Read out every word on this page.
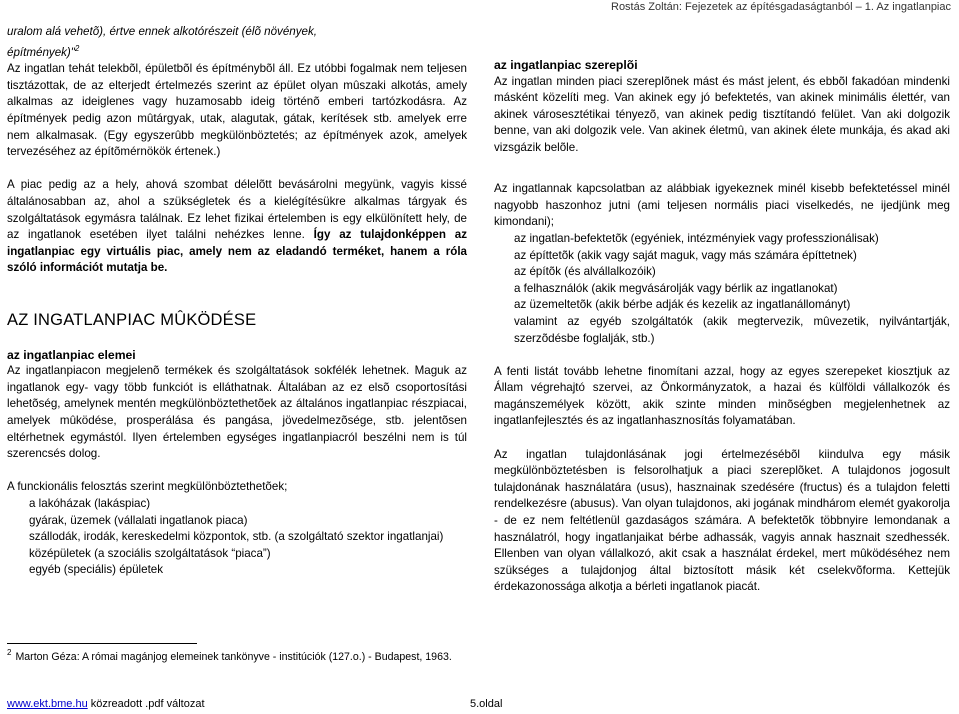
Rostás Zoltán: Fejezetek az építésgadaságtanból – 1. Az ingatlanpiac

uralom alá vehetõ), értve ennek alkotórészeit (élõ növények,

építmények)"$^2$

Az ingatlan tehát telekbõl, épületbõl és építménybõl áll. Ez utóbbi fogalmak nem teljesen tisztázottak, de az elterjedt értelmezés szerint az épület olyan mûszaki alkotás, amely alkalmas az ideiglenes vagy huzamosabb ideig történõ emberi tartózkodásra. Az építmények pedig azon mûtárgyak, utak, alagutak, gátak, kerítések stb. amelyek erre nem alkalmasak. (Egy egyszerûbb megkülönböztetés; az építmények azok, amelyek tervezéséhez az építõmérnökök értenek.)

A piac pedig az a hely, ahová szombat délelõtt bevásárolni megyünk, vagyis kissé általánosabban az, ahol a szükségletek és a kielégítésükre alkalmas tárgyak és szolgáltatások egymásra találnak. Ez lehet fizikai értelemben is egy elkülönített hely, de az ingatlanok esetében ilyet találni nehézkes lenne. Így az tulajdonképpen az ingatlanpiac egy virtuális piac, amely nem az eladandó terméket, hanem a róla szóló információt mutatja be.

AZ INGATLANPIAC MÛKÖDÉSE
az ingatlanpiac elemei

Az ingatlanpiacon megjelenõ termékek és szolgáltatások sokfélék lehetnek. Maguk az ingatlanok egy- vagy több funkciót is elláthatnak. Általában az ez elsõ csoportosítási lehetõség, amelynek mentén megkülönböztethetõek az általános ingatlanpiac részpiacai, amelyek mûködése, prosperálása és pangása, jövedelmezõsége, stb. jelentõsen eltérhetnek egymástól. Ilyen értelemben egységes ingatlanpiacról beszélni nem is túl szerencsés dolog.

A funckionális felosztás szerint megkülönböztethetõek;

a lakóházak (lakáspiac)

gyárak, üzemek (vállalati ingatlanok piaca)

szállodák, irodák, kereskedelmi központok, stb. (a szolgáltató szektor ingatlanjai)

középületek (a szociális szolgáltatások “piaca”)

egyéb (speciális) épületek

az ingatlanpiac szereplõi

Az ingatlan minden piaci szereplõnek mást és mást jelent, és ebbõl fakadóan mindenki másként közelíti meg. Van akinek egy jó befektetés, van akinek minimális élettér, van akinek városesztétikai tényezõ, van akinek pedig tisztítandó felület. Van aki dolgozik benne, van aki dolgozik vele. Van akinek életmû, van akinek élete munkája, és akad aki vizsgázik belõle.

Az ingatlannak kapcsolatban az alábbiak igyekeznek minél kisebb befektetéssel minél nagyobb haszonhoz jutni (ami teljesen normális piaci viselkedés, ne ijedjünk meg kimondani);

az ingatlan-befektetõk (egyéniek, intézményiek vagy professzionálisak)

az építtetõk (akik vagy saját maguk, vagy más számára építtetnek)

az építõk (és alvállalkozóik)

a felhasználók (akik megvásárolják vagy bérlik az ingatlanokat)

az üzemeltetõk (akik bérbe adják és kezelik az ingatlanállományt)

valamint az egyéb szolgáltatók (akik megtervezik, mûvezetik, nyilvántartják, szerzõdésbe foglalják, stb.)

A fenti listát tovább lehetne finomítani azzal, hogy az egyes szerepeket kiosztjuk az Állam végrehajtó szervei, az Önkormányzatok, a hazai és külföldi vállalkozók és magánszemélyek között, akik szinte minden minõségben megjelenhetnek az ingatlanfejlesztés és az ingatlanhasznosítás folyamatában.

Az ingatlan tulajdonlásának jogi értelmezésébõl kiindulva egy másik megkülönböztetésben is felsorolhatjuk a piaci szereplõket. A tulajdonos jogosult tulajdonának használatára (usus), hasznainak szedésére (fructus) és a tulajdon feletti rendelkezésre (abusus). Van olyan tulajdonos, aki jogának mindhárom elemét gyakorolja - de ez nem feltétlenül gazdaságos számára. A befektetõk többnyire lemondanak a használatról, hogy ingatlanjaikat bérbe adhassák, vagyis annak hasznait szedhessék. Ellenben van olyan vállalkozó, akit csak a használat érdekel, mert mûködéséhez nem szükséges a tulajdonjog által biztosított másik két cselekvõforma. Kettejük érdekazonossága alkotja a bérleti ingatlanok piacát.

$^2$ Marton Géza: A római magánjog elemeinek tankönyve - institúciók (127.o.) - Budapest, 1963.
www.ekt.bme.hu közreadott .pdf változat	5.oldal
